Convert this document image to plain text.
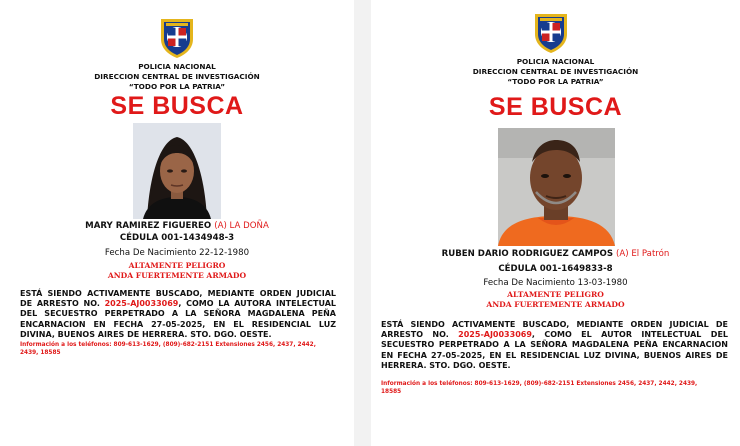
POLICIA NACIONAL
DIRECCION CENTRAL DE INVESTIGACIÓN
“TODO POR LA PATRIA”
SE BUSCA
MARY RAMIREZ FIGUEREO (A) LA DOÑA
CÉDULA 001-1434948-3
Fecha De Nacimiento 22-12-1980
ALTAMENTE PELIGRO
ANDA FUERTEMENTE ARMADO
ESTÁ SIENDO ACTIVAMENTE BUSCADO, MEDIANTE ORDEN JUDICIAL DE ARRESTO NO. 2025-AJ0033069, COMO LA AUTORA INTELECTUAL DEL SECUESTRO PERPETRADO A LA SEÑORA MAGDALENA PEÑA ENCARNACION EN FECHA 27-05-2025, EN EL RESIDENCIAL LUZ DIVINA, BUENOS AIRES DE HERRERA. STO. DGO. OESTE.
Información a los teléfonos: 809-613-1629, (809)-682-2151 Extensiones 2456, 2437, 2442, 2439, 18585
POLICIA NACIONAL
DIRECCION CENTRAL DE INVESTIGACIÓN
“TODO POR LA PATRIA”
SE BUSCA
RUBEN DARIO RODRIGUEZ CAMPOS (A) El Patrón
CÉDULA 001-1649833-8
Fecha De Nacimiento 13-03-1980
ALTAMENTE PELIGRO
ANDA FUERTEMENTE ARMADO
ESTÁ SIENDO ACTIVAMENTE BUSCADO, MEDIANTE ORDEN JUDICIAL DE ARRESTO NO. 2025-AJ0033069, COMO EL AUTOR INTELECTUAL DEL SECUESTRO PERPETRADO A LA SEÑORA MAGDALENA PEÑA ENCARNACION EN FECHA 27-05-2025, EN EL RESIDENCIAL LUZ DIVINA, BUENOS AIRES DE HERRERA. STO. DGO. OESTE.
Información a los teléfonos: 809-613-1629, (809)-682-2151 Extensiones 2456, 2437, 2442, 2439, 18585
